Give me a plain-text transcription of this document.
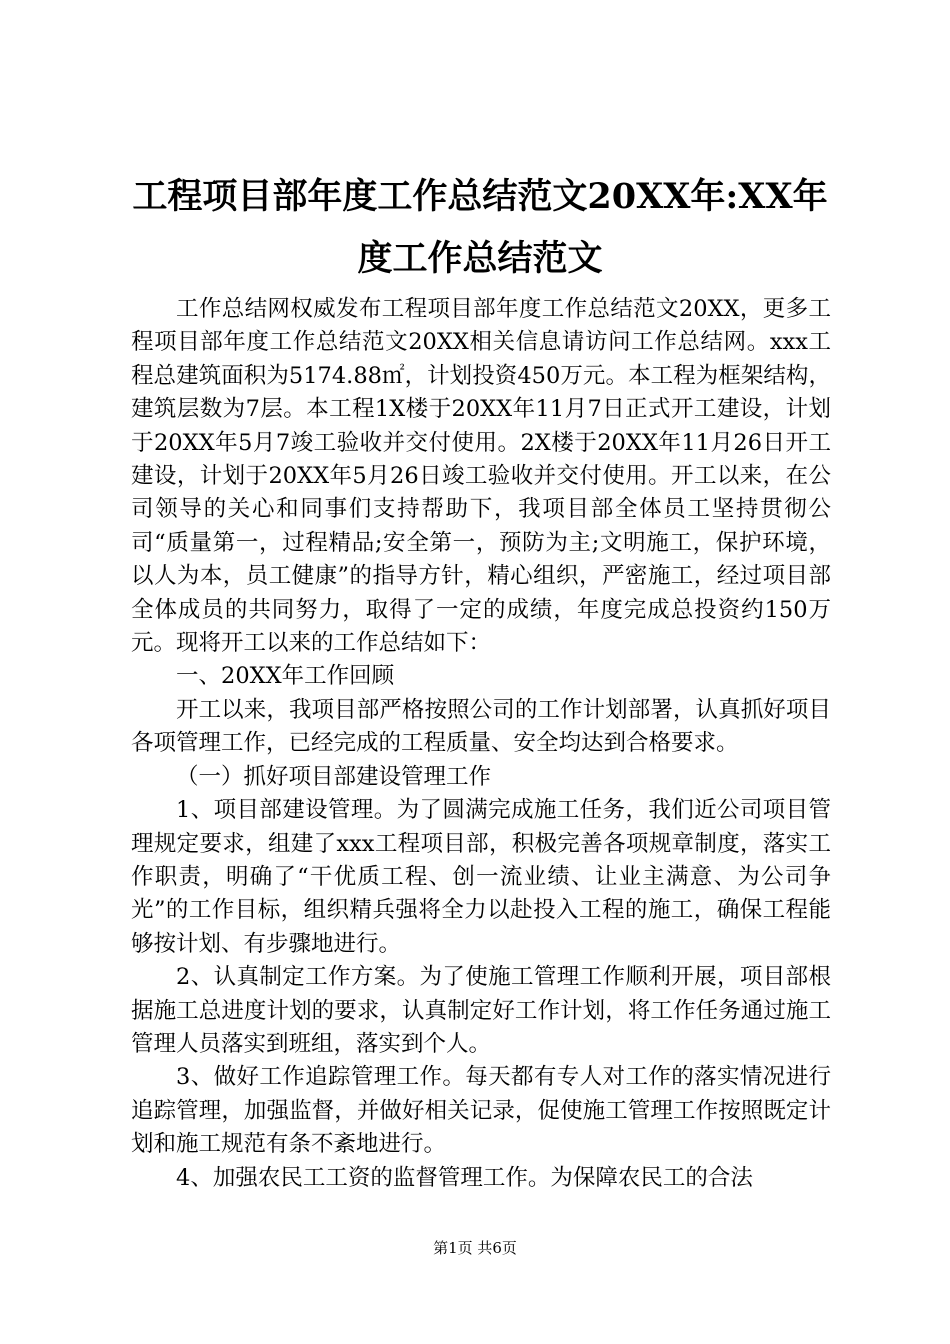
工程项目部年度工作总结范文20XX年:XX年度工作总结范文

工作总结网权威发布工程项目部年度工作总结范文20XX，更多工程项目部年度工作总结范文20XX相关信息请访问工作总结网。xxx工程总建筑面积为5174.88㎡，计划投资450万元。本工程为框架结构，建筑层数为7层。本工程1X楼于20XX年11月7日正式开工建设，计划于20XX年5月7竣工验收并交付使用。2X楼于20XX年11月26日开工建设，计划于20XX年5月26日竣工验收并交付使用。开工以来，在公司领导的关心和同事们支持帮助下，我项目部全体员工坚持贯彻公司“质量第一，过程精品;安全第一，预防为主;文明施工，保护环境，以人为本，员工健康”的指导方针，精心组织，严密施工，经过项目部全体成员的共同努力，取得了一定的成绩，年度完成总投资约150万元。现将开工以来的工作总结如下：

一、20XX年工作回顾

开工以来，我项目部严格按照公司的工作计划部署，认真抓好项目各项管理工作，已经完成的工程质量、安全均达到合格要求。

（一）抓好项目部建设管理工作

1、项目部建设管理。为了圆满完成施工任务，我们近公司项目管理规定要求，组建了xxx工程项目部，积极完善各项规章制度，落实工作职责，明确了“干优质工程、创一流业绩、让业主满意、为公司争光”的工作目标，组织精兵强将全力以赴投入工程的施工，确保工程能够按计划、有步骤地进行。

2、认真制定工作方案。为了使施工管理工作顺利开展，项目部根据施工总进度计划的要求，认真制定好工作计划，将工作任务通过施工管理人员落实到班组，落实到个人。

3、做好工作追踪管理工作。每天都有专人对工作的落实情况进行追踪管理，加强监督，并做好相关记录，促使施工管理工作按照既定计划和施工规范有条不紊地进行。

4、加强农民工工资的监督管理工作。为保障农民工的合法

第1页 共6页
